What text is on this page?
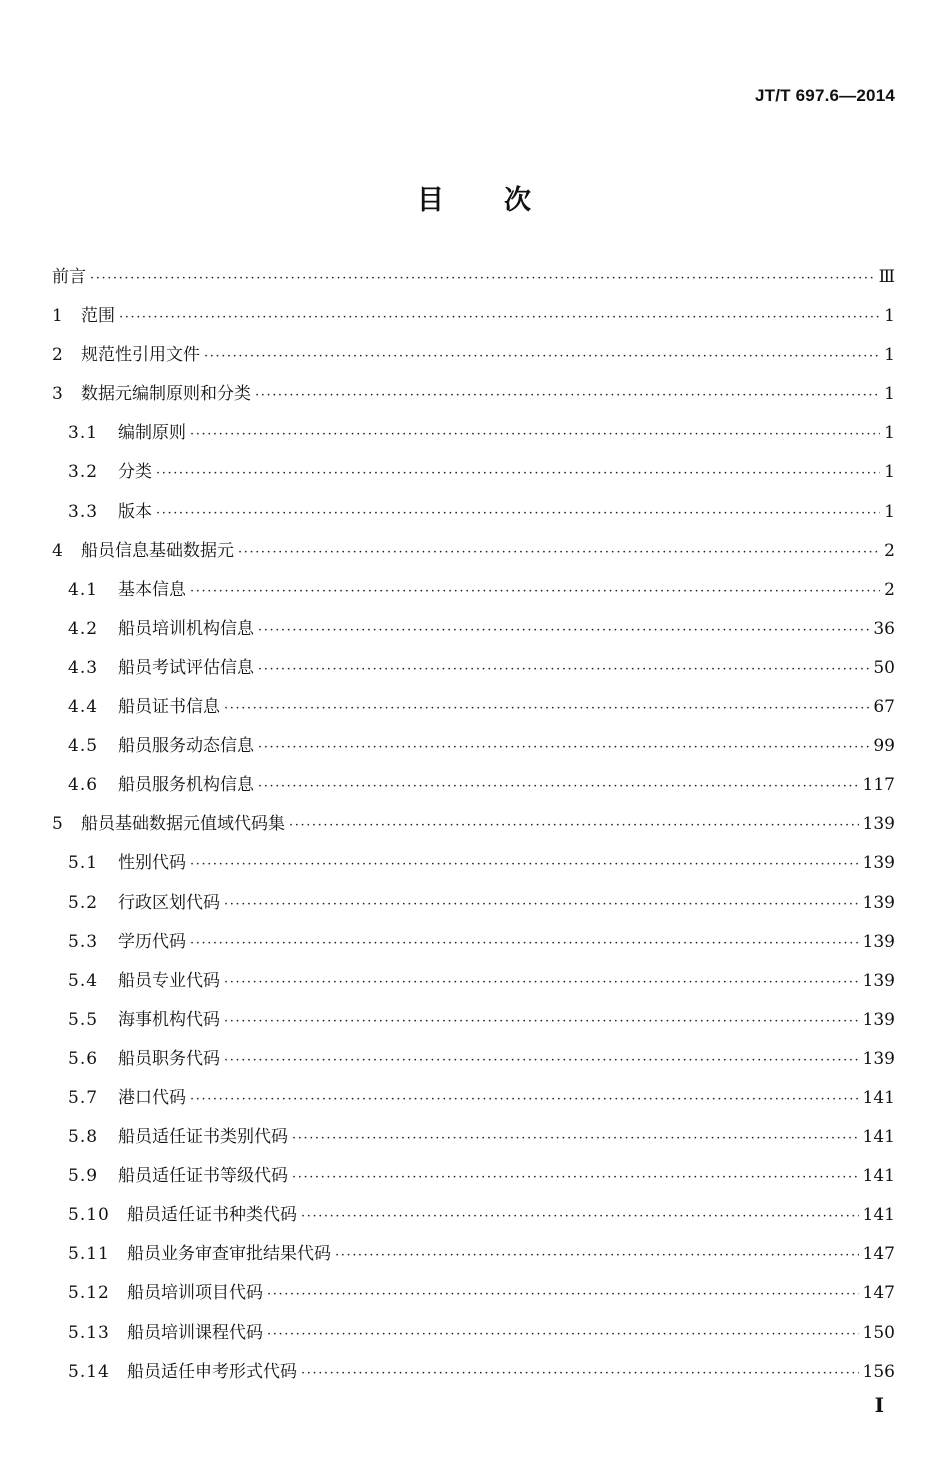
JT/T 697.6—2014
目 次
前言 ·····	Ⅲ
1	范围 ·····	1
2	规范性引用文件 ·····	1
3	数据元编制原则和分类 ·····	1
3.1	编制原则 ·····	1
3.2	分类 ·····	1
3.3	版本 ·····	1
4	船员信息基础数据元 ·····	2
4.1	基本信息 ·····	2
4.2	船员培训机构信息 ·····	36
4.3	船员考试评估信息 ·····	50
4.4	船员证书信息 ·····	67
4.5	船员服务动态信息 ·····	99
4.6	船员服务机构信息 ·····	117
5	船员基础数据元值域代码集 ·····	139
5.1	性别代码 ·····	139
5.2	行政区划代码 ·····	139
5.3	学历代码 ·····	139
5.4	船员专业代码 ·····	139
5.5	海事机构代码 ·····	139
5.6	船员职务代码 ·····	139
5.7	港口代码 ·····	141
5.8	船员适任证书类别代码 ·····	141
5.9	船员适任证书等级代码 ·····	141
5.10	船员适任证书种类代码 ·····	141
5.11	船员业务审查审批结果代码 ·····	147
5.12	船员培训项目代码 ·····	147
5.13	船员培训课程代码 ·····	150
5.14	船员适任申考形式代码 ·····	156
I
